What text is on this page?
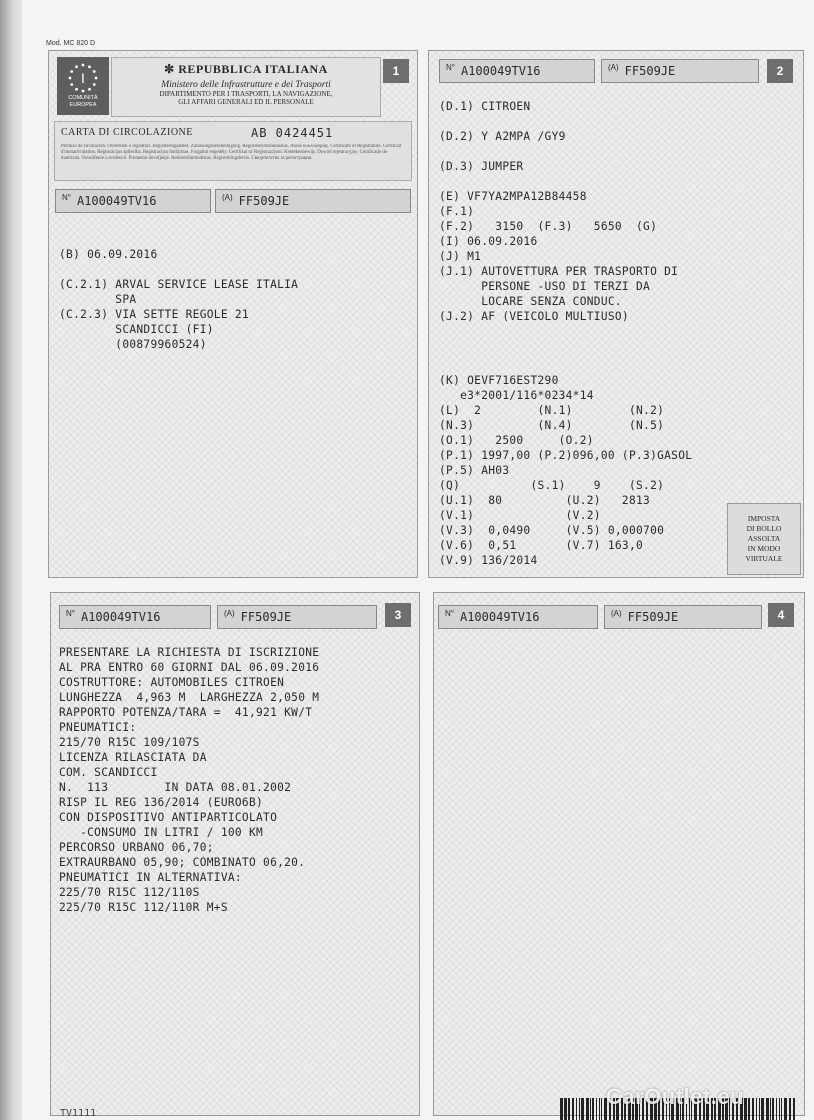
Mod. MC 820 D
I
COMUNITÀ EUROPEA
✼ REPUBBLICA ITALIANA
Ministero delle Infrastrutture e dei Trasporti
DIPARTIMENTO PER I TRASPORTI, LA NAVIGAZIONE,
GLI AFFARI GENERALI ED IL PERSONALE
1
CARTA DI CIRCOLAZIONE	AB 0424451
Permiso de circulación. Osvědčení o registraci. Registreringsattest. Zulassungsbescheinigung. Registreerimistunnistus. Άδεια κυκλοφορίας. Certificate of Registration. Certificat d'immatriculation. Reģistrācijas apliecība. Registracijos liudijimas. Forgalmi engedély. Certifikat ta' Reġistrazzjoni. Kentekenbewijs. Dowód rejestracyjny. Certificado de matrícula. Osvedčenie o evidencii. Prometno dovoljenje. Rekisteröintitodistus. Registreringsbevis. Свидетелство за регистрация.
$^{N^\circ}$ A100049TV16	$^{(A)}$ FF509JE
(B) 06.09.2016
(C.2.1) ARVAL SERVICE LEASE ITALIA
SPA
(C.2.3) VIA SETTE REGOLE 21
SCANDICCI (FI)
(00879960524)
$^{N^\circ}$ A100049TV16	$^{(A)}$ FF509JE	2
(D.1) CITROEN
(D.2) Y A2MPA /GY9
(D.3) JUMPER
(E) VF7YA2MPA12B84458
(F.1)
(F.2)   3150  (F.3)   5650  (G)
(I) 06.09.2016
(J) M1
(J.1) AUTOVETTURA PER TRASPORTO DI
PERSONE -USO DI TERZI DA
LOCARE SENZA CONDUC.
(J.2) AF (VEICOLO MULTIUSO)
(K) OEVF716EST290
e3*2001/116*0234*14
(L)  2        (N.1)        (N.2)
(N.3)         (N.4)        (N.5)
(O.1)   2500     (O.2)
(P.1) 1997,00 (P.2)096,00 (P.3)GASOL
(P.5) AH03
(Q)          (S.1)    9    (S.2)
(U.1)  80         (U.2)   2813
(V.1)             (V.2)
(V.3)  0,0490     (V.5) 0,000700
(V.6)  0,51       (V.7) 163,0
(V.9) 136/2014
IMPOSTA
DI BOLLO
ASSOLTA
IN MODO
VIRTUALE
$^{N^\circ}$ A100049TV16	$^{(A)}$ FF509JE	3
PRESENTARE LA RICHIESTA DI ISCRIZIONE
AL PRA ENTRO 60 GIORNI DAL 06.09.2016
COSTRUTTORE: AUTOMOBILES CITROEN
LUNGHEZZA  4,963 M  LARGHEZZA 2,050 M
RAPPORTO POTENZA/TARA =  41,921 KW/T
PNEUMATICI:
215/70 R15C 109/107S
LICENZA RILASCIATA DA
COM. SCANDICCI
N.  113        IN DATA 08.01.2002
RISP IL REG 136/2014 (EURO6B)
CON DISPOSITIVO ANTIPARTICOLATO
-CONSUMO IN LITRI / 100 KM
PERCORSO URBANO 06,70;
EXTRAURBANO 05,90; COMBINATO 06,20.
PNEUMATICI IN ALTERNATIVA:
225/70 R15C 112/110S
225/70 R15C 112/110R M+S
$^{N^\circ}$ A100049TV16	$^{(A)}$ FF509JE	4
TV1111
CarOutlet.eu
